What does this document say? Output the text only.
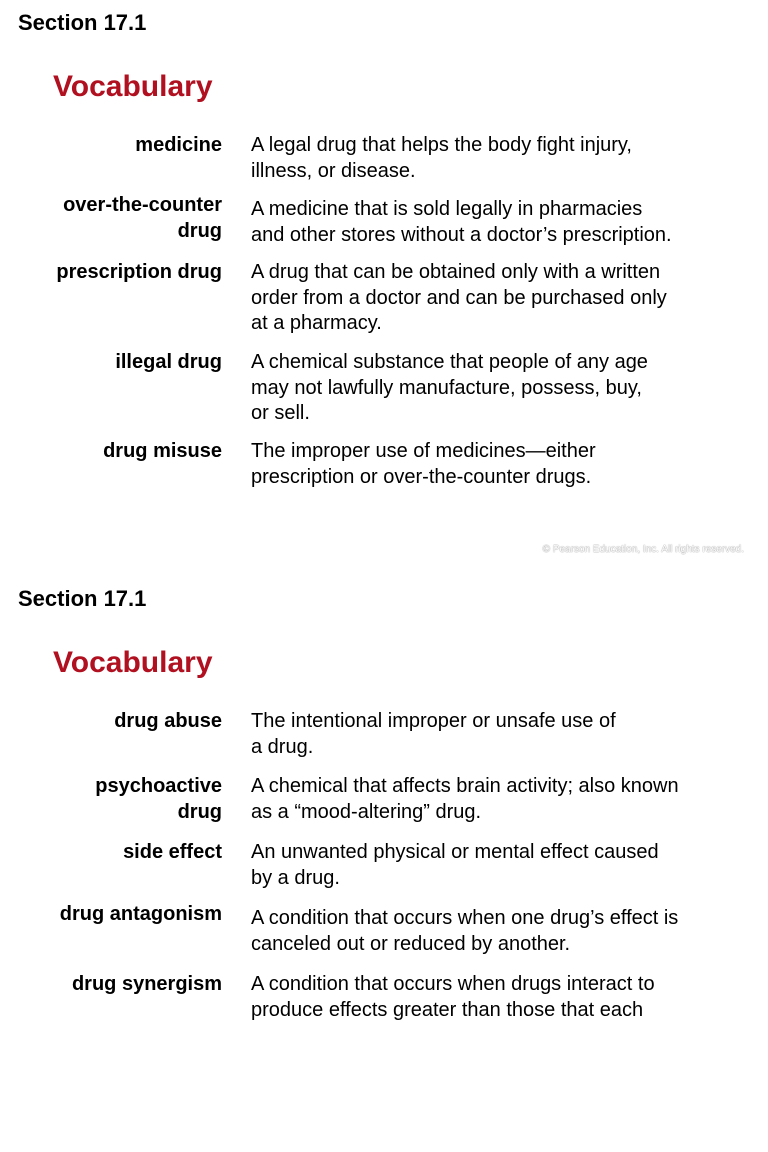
Section 17.1
Vocabulary
medicine A legal drug that helps the body fight injury,
illness, or disease.
over-the-counter
drug
A medicine that is sold legally in pharmacies
and other stores without a doctor’s prescription.
prescription drug A drug that can be obtained only with a written
order from a doctor and can be purchased only
at a pharmacy.
illegal drug A chemical substance that people of any age
may not lawfully manufacture, possess, buy,
or sell.
drug misuse The improper use of medicines—either
prescription or over-the-counter drugs.
© Pearson Education, Inc. All rights reserved.
Section 17.1
Vocabulary
drug abuse The intentional improper or unsafe use of
a drug.
psychoactive
drug
A chemical that affects brain activity; also known
as a “mood-altering” drug.
side effect An unwanted physical or mental effect caused
by a drug.
drug antagonism A condition that occurs when one drug’s effect is
canceled out or reduced by another.
drug synergism A condition that occurs when drugs interact to
produce effects greater than those that each
